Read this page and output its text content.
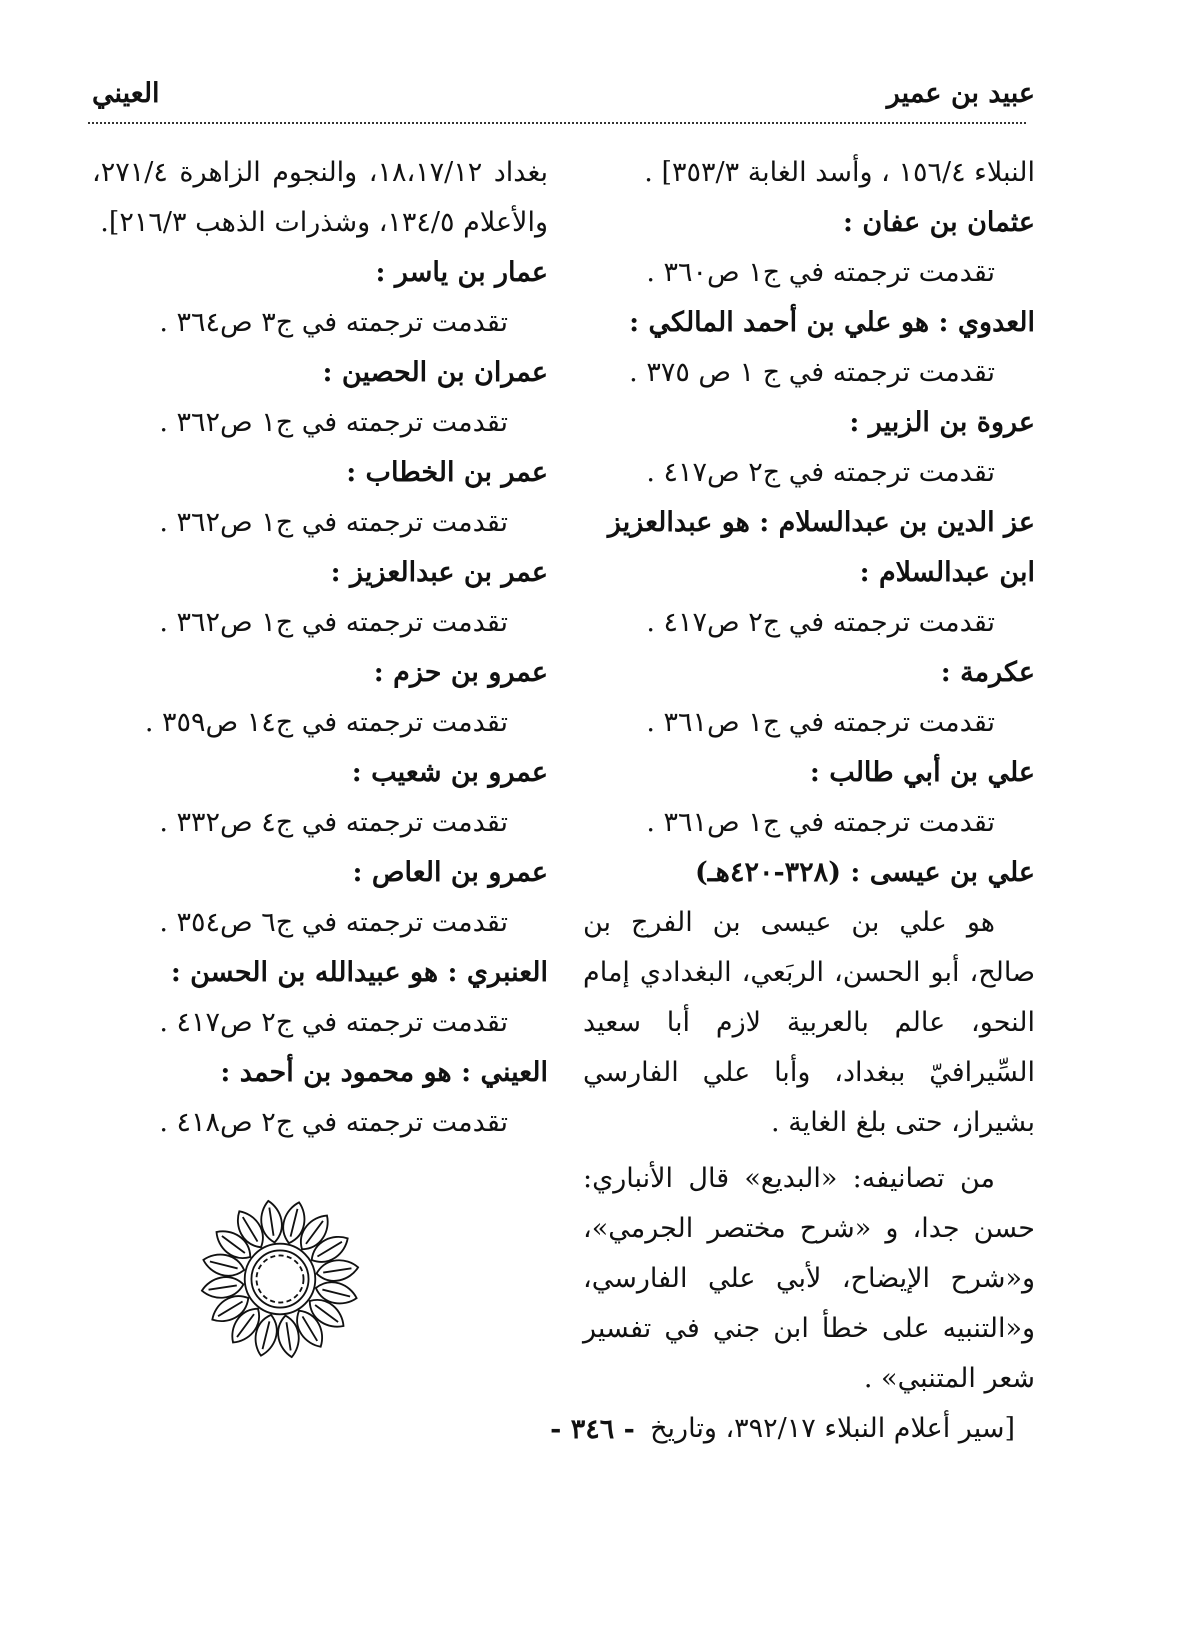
عبيد بن عمير
العيني
النبلاء ١٥٦/٤ ، وأسد الغابة ٣٥٣/٣] .
عثمان بن عفان :
تقدمت ترجمته في ج١ ص٣٦٠ .
العدوي : هو علي بن أحمد المالكي :
تقدمت ترجمته في ج ١ ص ٣٧٥ .
عروة بن الزبير :
تقدمت ترجمته في ج٢ ص٤١٧ .
عز الدين بن عبدالسلام : هو عبدالعزيز
ابن عبدالسلام :
تقدمت ترجمته في ج٢ ص٤١٧ .
عكرمة :
تقدمت ترجمته في ج١ ص٣٦١ .
علي بن أبي طالب :
تقدمت ترجمته في ج١ ص٣٦١ .
علي بن عيسى : (٣٢٨-٤٢٠هـ)
هو علي بن عيسى بن الفرج بن صالح، أبو الحسن، الربَعي، البغدادي إمام النحو، عالم بالعربية لازم أبا سعيد السِّيرافيّ ببغداد، وأبا علي الفارسي بشيراز، حتى بلغ الغاية .
من تصانيفه: «البديع» قال الأنباري: حسن جدا، و «شرح مختصر الجرمي»، و«شرح الإيضاح، لأبي علي الفارسي، و«التنبيه على خطأ ابن جني في تفسير شعر المتنبي» .
[سير أعلام النبلاء ٣٩٢/١٧، وتاريخ
بغداد ١٨،١٧/١٢، والنجوم الزاهرة ٢٧١/٤، والأعلام ١٣٤/٥، وشذرات الذهب ٢١٦/٣].
عمار بن ياسر :
تقدمت ترجمته في ج٣ ص٣٦٤ .
عمران بن الحصين :
تقدمت ترجمته في ج١ ص٣٦٢ .
عمر بن الخطاب :
تقدمت ترجمته في ج١ ص٣٦٢ .
عمر بن عبدالعزيز :
تقدمت ترجمته في ج١ ص٣٦٢ .
عمرو بن حزم :
تقدمت ترجمته في ج١٤ ص٣٥٩ .
عمرو بن شعيب :
تقدمت ترجمته في ج٤ ص٣٣٢ .
عمرو بن العاص :
تقدمت ترجمته في ج٦ ص٣٥٤ .
العنبري : هو عبيدالله بن الحسن :
تقدمت ترجمته في ج٢ ص٤١٧ .
العيني : هو محمود بن أحمد :
تقدمت ترجمته في ج٢ ص٤١٨ .
- ٣٤٦ -
